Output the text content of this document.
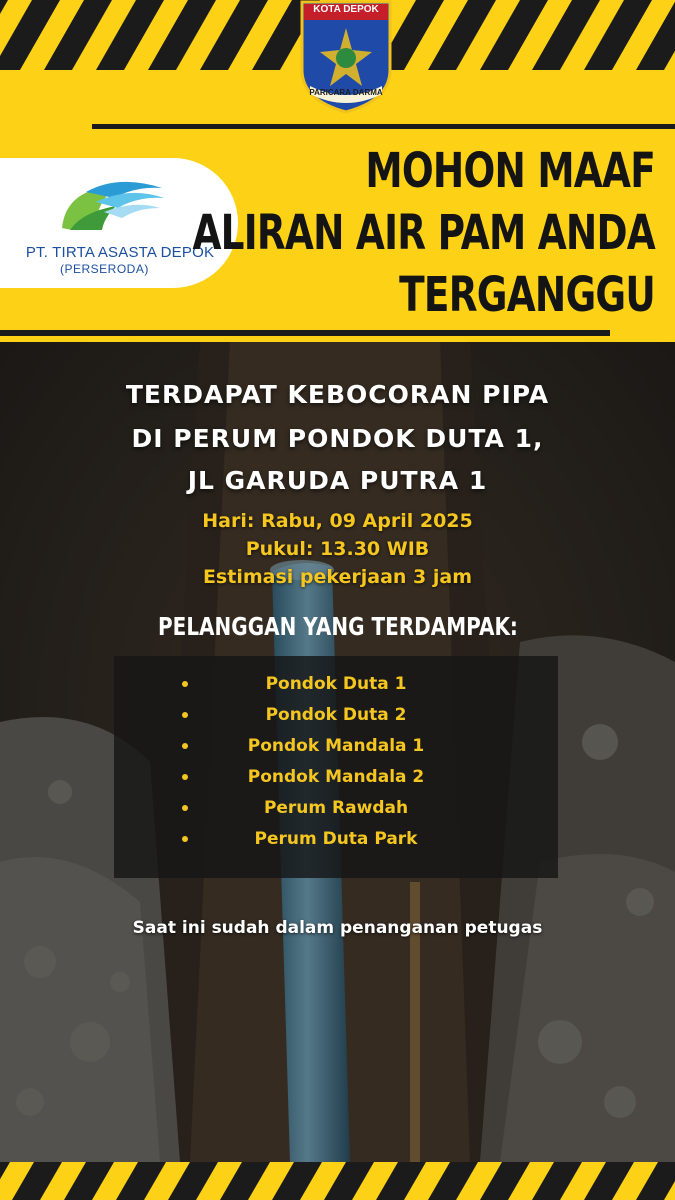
KOTA DEPOK
PARICARA DARMA
PT. TIRTA ASASTA DEPOK
(PERSERODA)
MOHON MAAF
ALIRAN AIR PAM ANDA
TERGANGGU
TERDAPAT KEBOCORAN PIPA
DI PERUM PONDOK DUTA 1,
JL GARUDA PUTRA 1
Hari: Rabu, 09 April 2025
Pukul: 13.30 WIB
Estimasi pekerjaan 3 jam
PELANGGAN YANG TERDAMPAK:
Pondok Duta 1
Pondok Duta 2
Pondok Mandala 1
Pondok Mandala 2
Perum Rawdah
Perum Duta Park
Saat ini sudah dalam penanganan petugas
